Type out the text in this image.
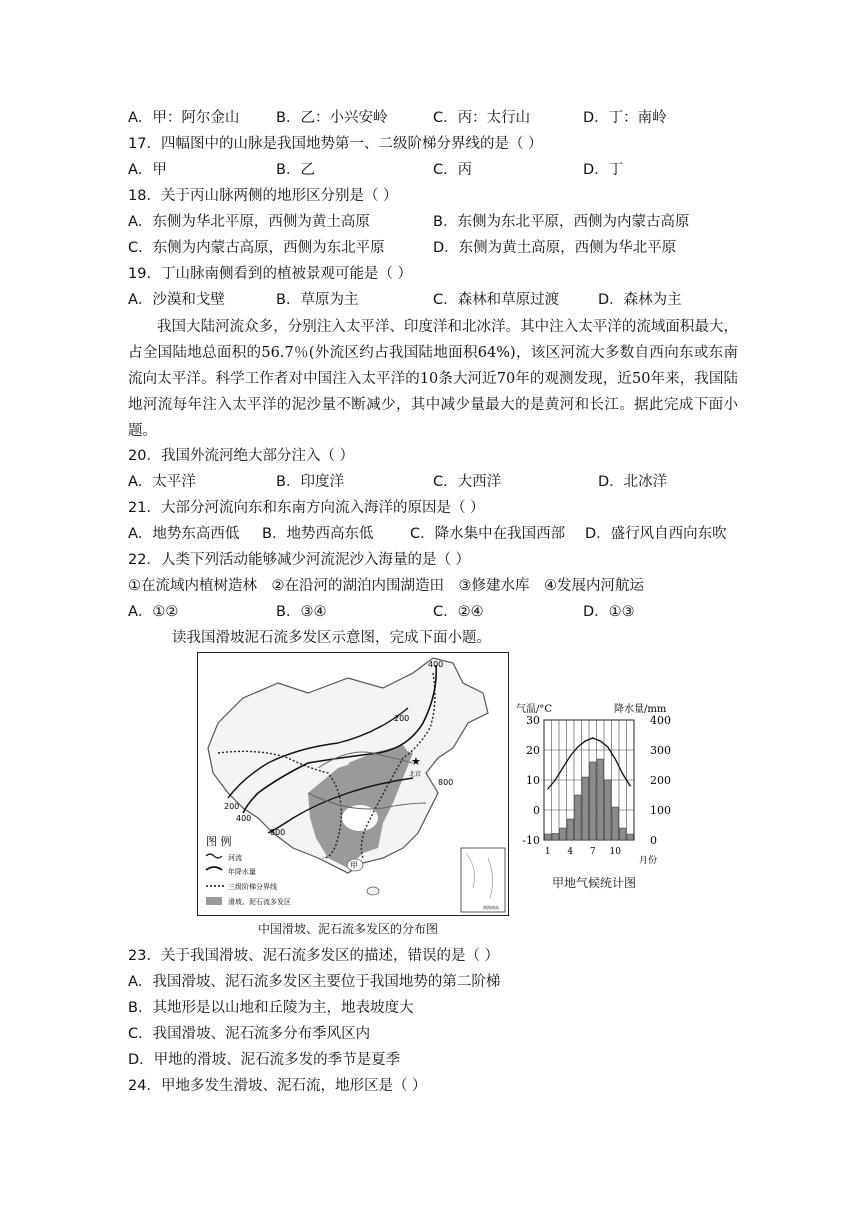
A．甲：阿尔金山	B．乙：小兴安岭	C．丙：太行山	D．丁：南岭
17．四幅图中的山脉是我国地势第一、二级阶梯分界线的是（ ）
A．甲	B．乙	C．丙	D．丁
18．关于丙山脉两侧的地形区分别是（ ）
A．东侧为华北平原，西侧为黄土高原	B．东侧为东北平原，西侧为内蒙古高原
C．东侧为内蒙古高原，西侧为东北平原	D．东侧为黄土高原，西侧为华北平原
19．丁山脉南侧看到的植被景观可能是（ ）
A．沙漠和戈壁	B．草原为主	C．森林和草原过渡	D．森林为主
我国大陆河流众多，分别注入太平洋、印度洋和北冰洋。其中注入太平洋的流域面积最大，占全国陆地总面积的56.7％(外流区约占我国陆地面积64%)，该区河流大多数自西向东或东南流向太平洋。科学工作者对中国注入太平洋的10条大河近70年的观测发现，近50年来，我国陆地河流每年注入太平洋的泥沙量不断减少，其中减少量最大的是黄河和长江。据此完成下面小题。
20．我国外流河绝大部分注入（ ）
A．太平洋	B．印度洋	C．大西洋	D．北冰洋
21．大部分河流向东和东南方向流入海洋的原因是（ ）
A．地势东高西低 B．地势西高东低	C．降水集中在我国西部 D．盛行风自西向东吹
22．人类下列活动能够减少河流泥沙入海量的是（ ）
①在流域内植树造林　②在沿河的湖泊内围湖造田　③修建水库　④发展内河航运
A．①②	B．③④	C．②④	D．①③
读我国滑坡泥石流多发区示意图，完成下面小题。
★
北京
400
200
800
200
400
800
甲
南海诸岛
图 例
河流
年降水量
三级阶梯分界线
滑坡、泥石流多发区
气温/°C	降水量/mm
30
20
10
0
-10
400
300
200
100
0
1 4 7 10
月份
甲地气候统计图
中国滑坡、泥石流多发区的分布图
23．关于我国滑坡、泥石流多发区的描述，错误的是（ ）
A．我国滑坡、泥石流多发区主要位于我国地势的第二阶梯
B．其地形是以山地和丘陵为主，地表坡度大
C．我国滑坡、泥石流多分布季风区内
D．甲地的滑坡、泥石流多发的季节是夏季
24．甲地多发生滑坡、泥石流，地形区是（ ）
